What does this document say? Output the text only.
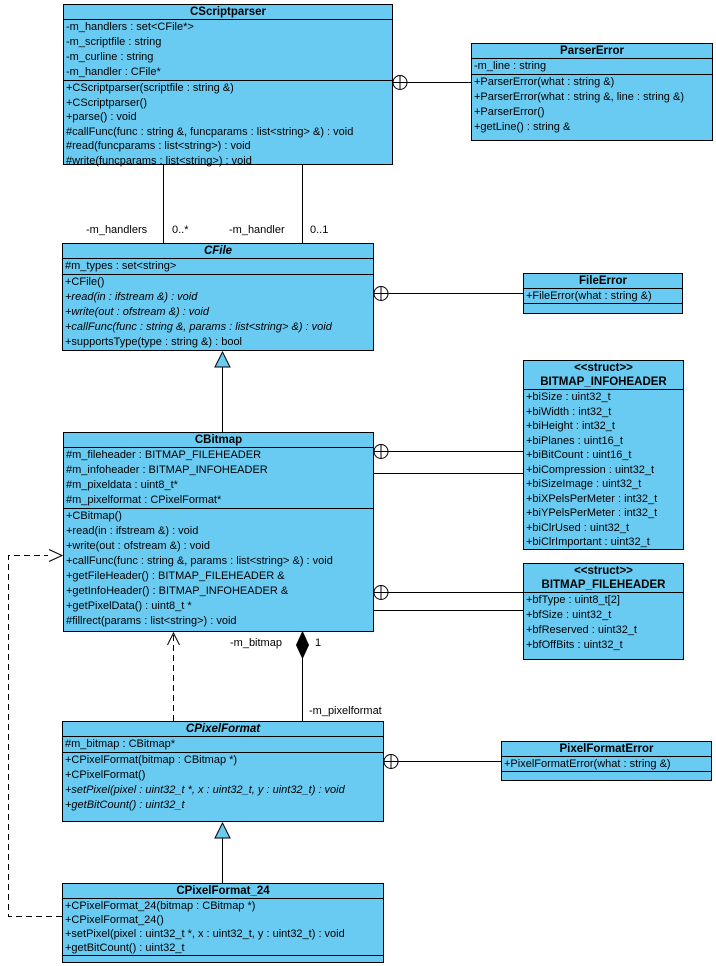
CScriptparser
-m_handlers : set<CFile*>
-m_scriptfile : string
-m_curline : string
-m_handler : CFile*
+CScriptparser(scriptfile : string &)
+CScriptparser()
+parse() : void
#callFunc(func : string &, funcparams : list<string> &) : void
#read(funcparams : list<string>) : void
#write(funcparams : list<string>) : void
ParserError
-m_line : string
+ParserError(what : string &)
+ParserError(what : string &, line : string &)
+ParserError()
+getLine() : string &
CFile
#m_types : set<string>
+CFile()
+read(in : ifstream &) : void
+write(out : ofstream &) : void
+callFunc(func : string &, params : list<string> &) : void
+supportsType(type : string &) : bool
FileError
+FileError(what : string &)
CBitmap
#m_fileheader : BITMAP_FILEHEADER
#m_infoheader : BITMAP_INFOHEADER
#m_pixeldata : uint8_t*
#m_pixelformat : CPixelFormat*
+CBitmap()
+read(in : ifstream &) : void
+write(out : ofstream &) : void
+callFunc(func : string &, params : list<string> &) : void
+getFileHeader() : BITMAP_FILEHEADER &
+getInfoHeader() : BITMAP_INFOHEADER &
+getPixelData() : uint8_t *
#fillrect(params : list<string>) : void
<<struct>>
BITMAP_INFOHEADER
+biSize : uint32_t
+biWidth : int32_t
+biHeight : int32_t
+biPlanes : uint16_t
+biBitCount : uint16_t
+biCompression : uint32_t
+biSizeImage : uint32_t
+biXPelsPerMeter : int32_t
+biYPelsPerMeter : int32_t
+biClrUsed : uint32_t
+biClrImportant : uint32_t
<<struct>>
BITMAP_FILEHEADER
+bfType : uint8_t[2]
+bfSize : uint32_t
+bfReserved : uint32_t
+bfOffBits : uint32_t
CPixelFormat
#m_bitmap : CBitmap*
+CPixelFormat(bitmap : CBitmap *)
+CPixelFormat()
+setPixel(pixel : uint32_t *, x : uint32_t, y : uint32_t) : void
+getBitCount() : uint32_t
PixelFormatError
+PixelFormatError(what : string &)
CPixelFormat_24
+CPixelFormat_24(bitmap : CBitmap *)
+CPixelFormat_24()
+setPixel(pixel : uint32_t *, x : uint32_t, y : uint32_t) : void
+getBitCount() : uint32_t
-m_handlers 0..*	-m_handler 0..1
-m_bitmap	1
-m_pixelformat
